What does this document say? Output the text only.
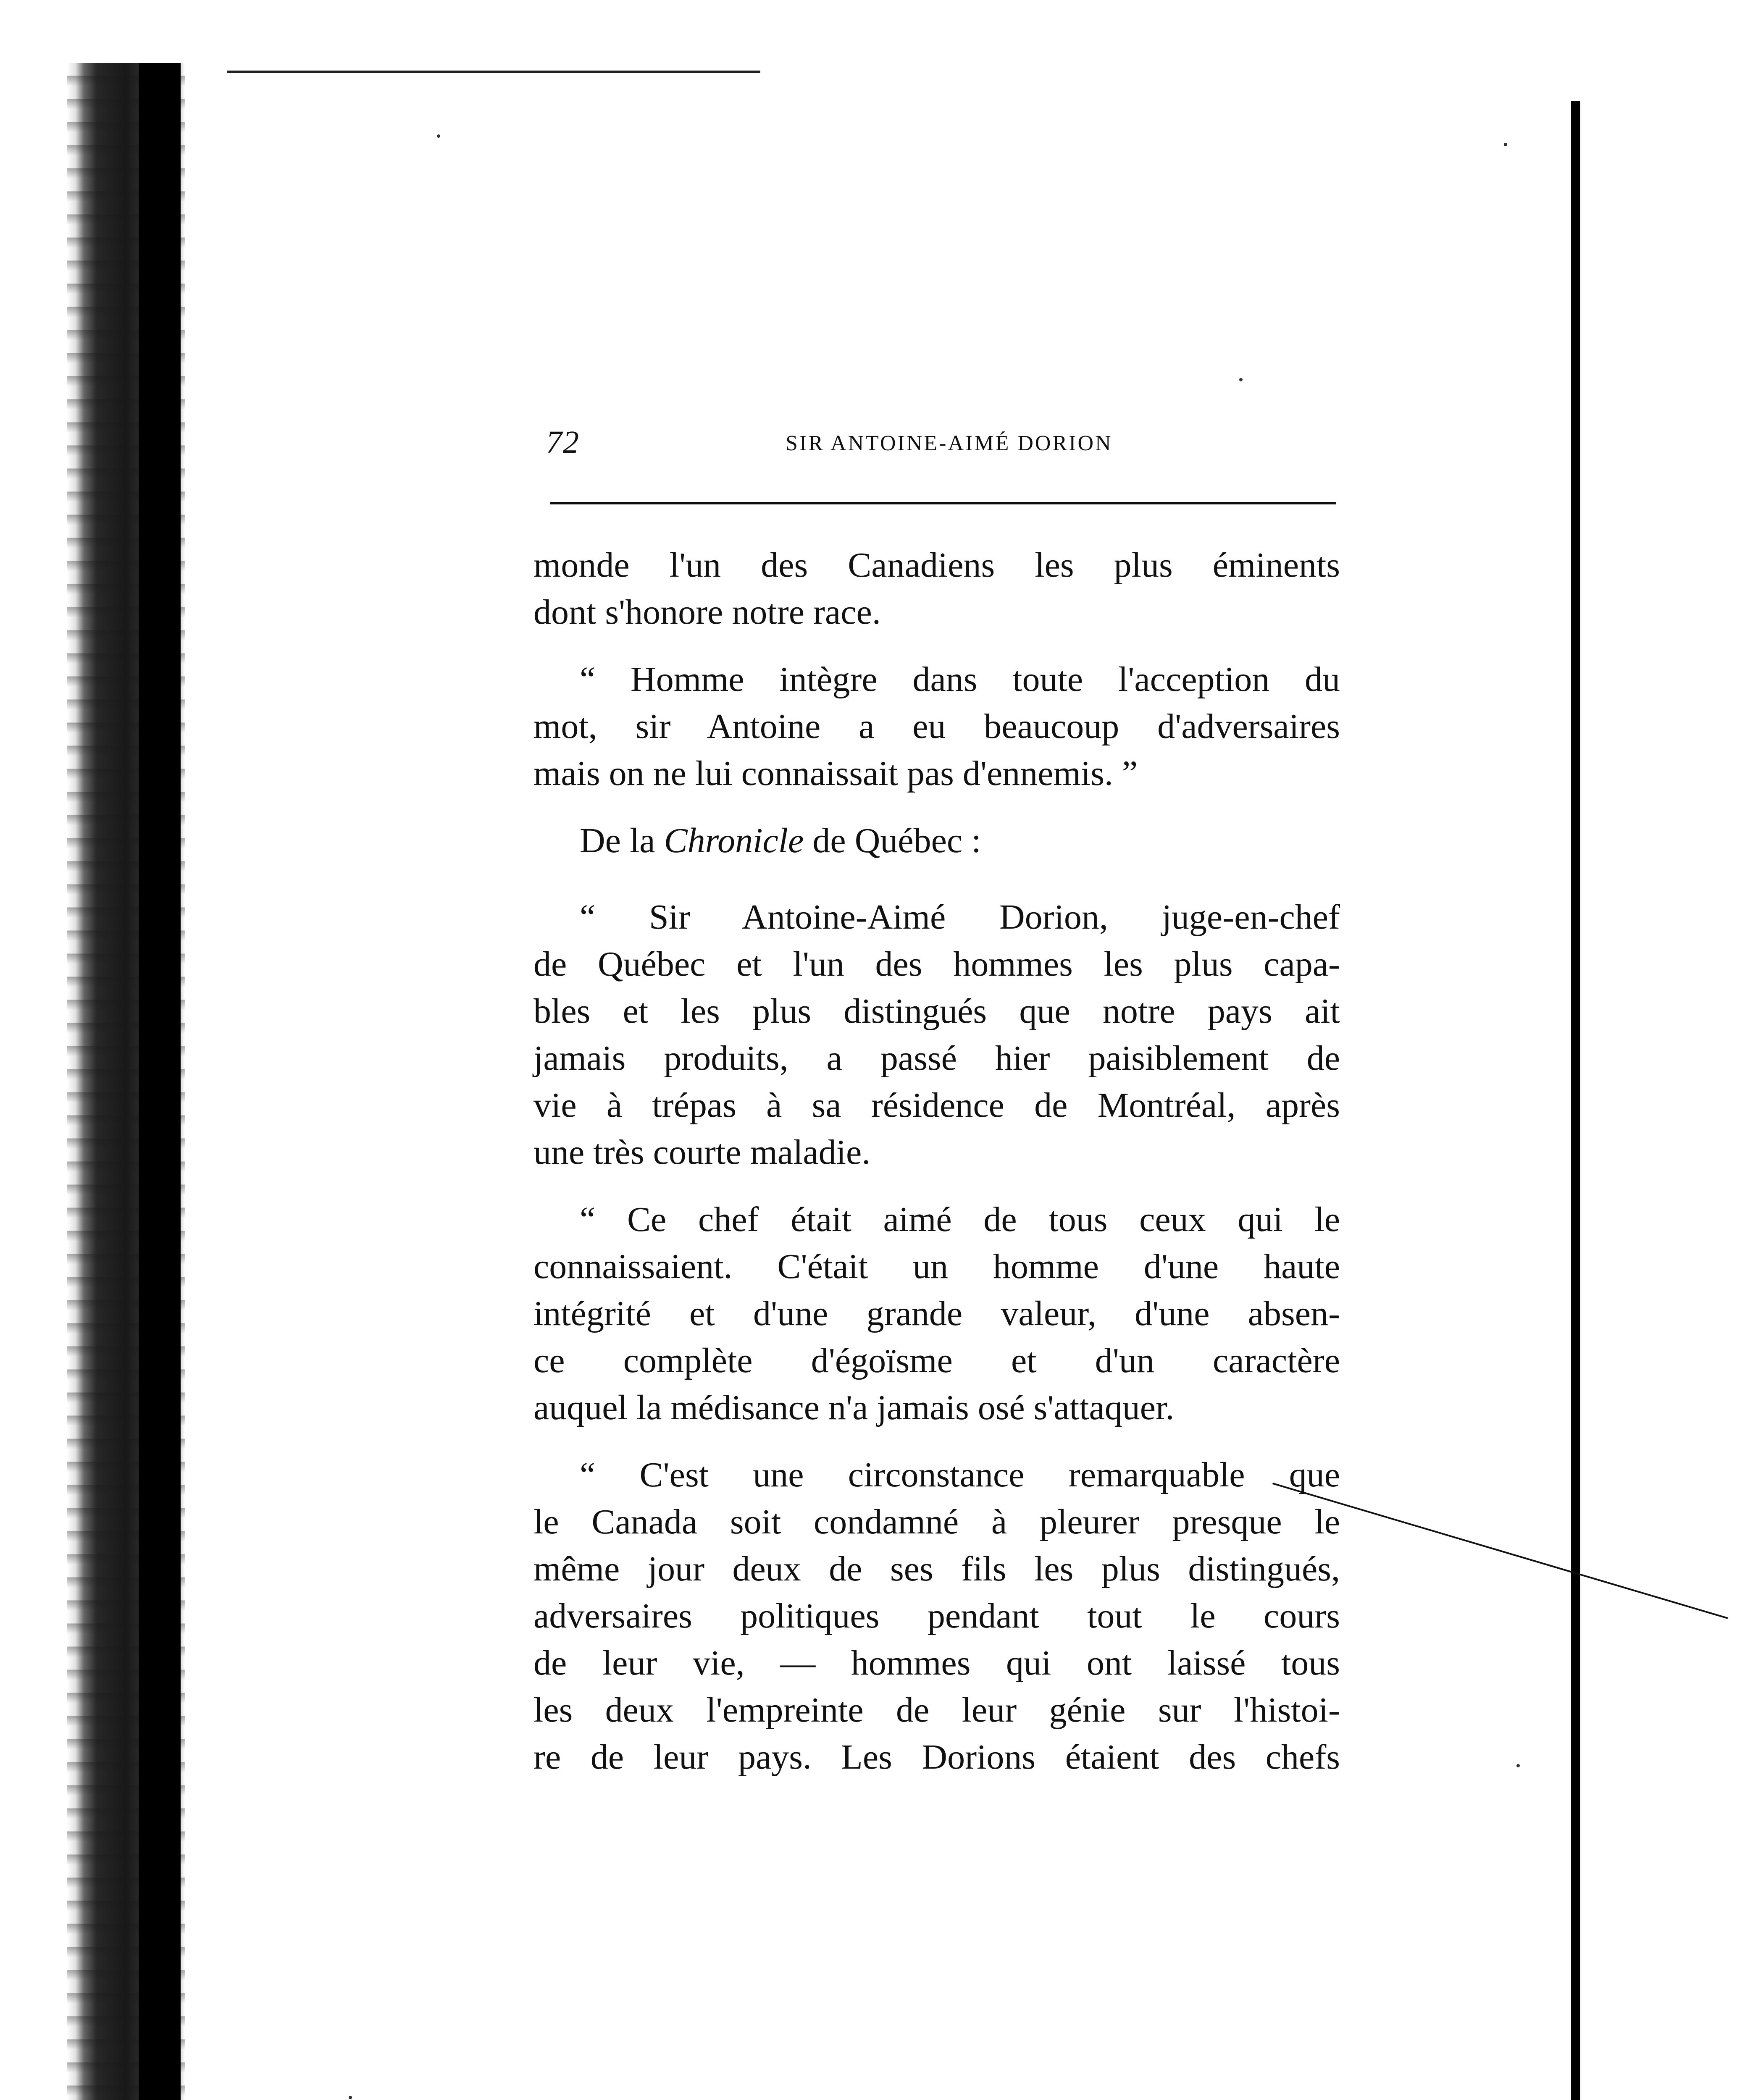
72	SIR ANTOINE-AIMÉ DORION
monde l'un des Canadiens les plus éminents
dont s'honore notre race.
“ Homme intègre dans toute l'acception du
mot, sir Antoine a eu beaucoup d'adversaires
mais on ne lui connaissait pas d'ennemis. ”
De la Chronicle de Québec :
“ Sir Antoine-Aimé Dorion, juge-en-chef
de Québec et l'un des hommes les plus capa-
bles et les plus distingués que notre pays ait
jamais produits, a passé hier paisiblement de
vie à trépas à sa résidence de Montréal, après
une très courte maladie.
“ Ce chef était aimé de tous ceux qui le
connaissaient. C'était un homme d'une haute
intégrité et d'une grande valeur, d'une absen-
ce complète d'égoïsme et d'un caractère
auquel la médisance n'a jamais osé s'attaquer.
“ C'est une circonstance remarquable que
le Canada soit condamné à pleurer presque le
même jour deux de ses fils les plus distingués,
adversaires politiques pendant tout le cours
de leur vie, — hommes qui ont laissé tous
les deux l'empreinte de leur génie sur l'histoi-
re de leur pays. Les Dorions étaient des chefs
